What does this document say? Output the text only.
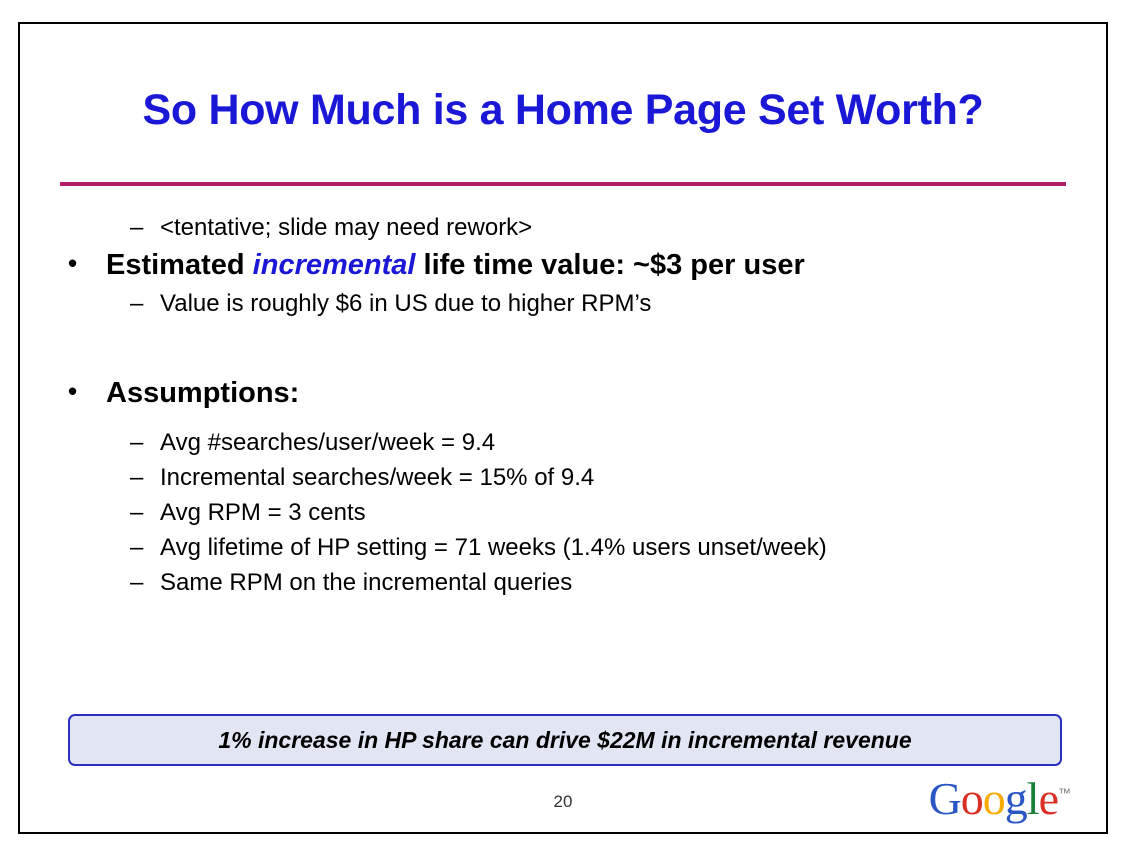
So How Much is a Home Page Set Worth?
– <tentative; slide may need rework>
• Estimated incremental life time value: ~$3 per user
– Value is roughly $6 in US due to higher RPM’s
• Assumptions:
– Avg #searches/user/week = 9.4
– Incremental searches/week = 15% of 9.4
– Avg RPM = 3 cents
– Avg lifetime of HP setting = 71 weeks (1.4% users unset/week)
– Same RPM on the incremental queries
1% increase in HP share can drive $22M in incremental revenue
20	Google™
